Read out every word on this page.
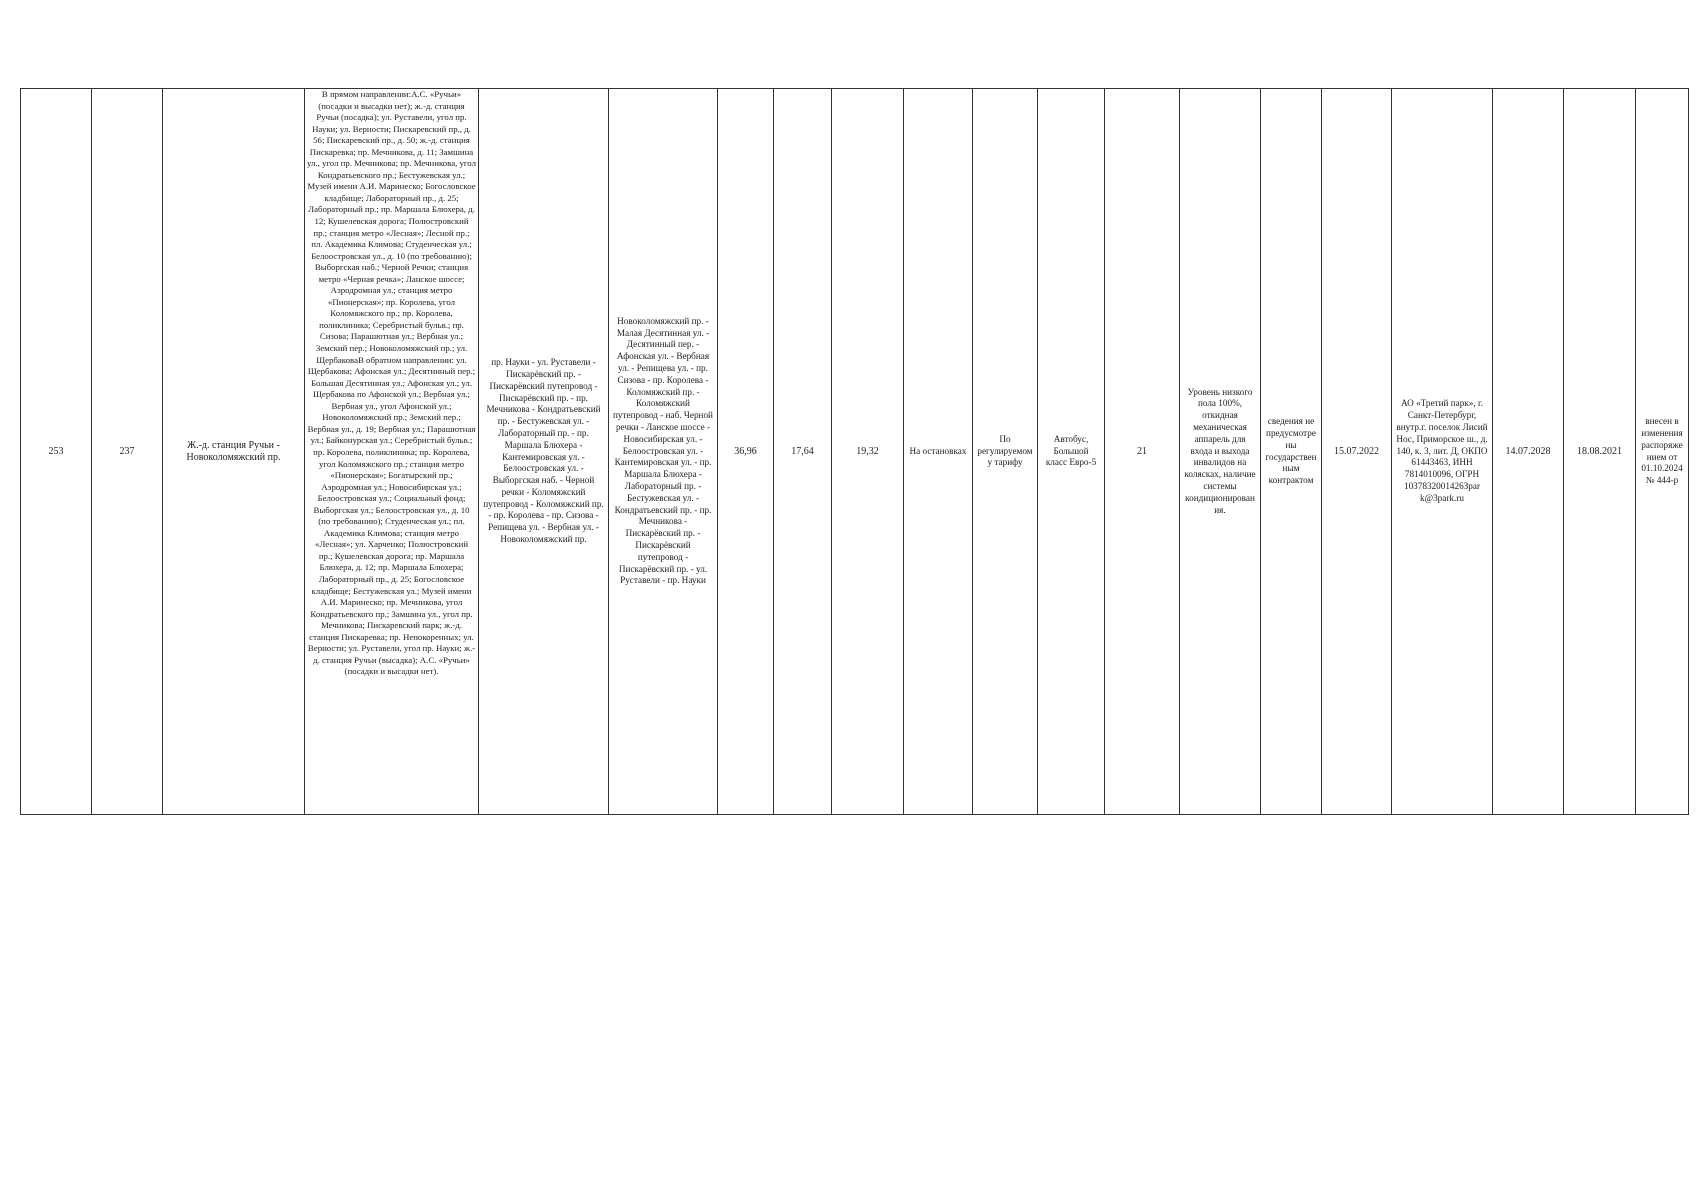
253	237	Ж.-д. станция Ручьи - Новоколомяжский пр.	В прямом направлении:А.С. «Ручьи» (посадки и высадки нет); ж.-д. станция Ручьи (посадка); ул. Руставели, угол пр. Науки; ул. Верности; Пискаревский пр., д. 56; Пискаревский пр., д. 50; ж.-д. станция Пискаревка; пр. Мечникова, д. 11; Замшина ул., угол пр. Мечникова; пр. Мечникова, угол Кондратьевского пр.; Бестужевская ул.; Музей имени А.И. Маринеско; Богословское кладбище; Лабораторный пр., д. 25; Лабораторный пр.; пр. Маршала Блюхера, д. 12; Кушелевская дорога; Полюстровский пр.; станция метро «Лесная»; Лесной пр.; пл. Академика Климова; Студенческая ул.; Белоостровская ул., д. 10 (по требованию); Выборгская наб.; Черной Речки; станция метро «Черная речка»; Ланское шоссе; Аэродромная ул.; станция метро «Пионерская»; пр. Королева, угол Коломяжского пр.; пр. Королева, поликлиника; Серебристый бульв.; пр. Сизова; Парашютная ул.; Вербная ул.; Земский пер.; Новоколомяжский пр.; ул. ЩербаковаВ обратном направлении: ул. Щербакова; Афонская ул.; Десятинный пер.; Большая Десятинная ул.; Афонская ул.; ул. Щербакова по Афонской ул.; Вербная ул.; Вербная ул., угол Афонской ул.; Новоколомяжский пр.; Земский пер.; Вербная ул., д. 19; Вербная ул.; Парашютная ул.; Байконурская ул.; Серебристый бульв.; пр. Королева, поликлиника; пр. Королева, угол Коломяжского пр.; станция метро «Пионерская»; Богатырский пр.; Аэродромная ул.; Новосибирская ул.; Белоостровская ул.; Социальный фонд; Выборгская ул.; Белоостровская ул., д. 10 (по требованию); Студенческая ул.; пл. Академика Климова; станция метро «Лесная»; ул. Харченко; Полюстровский пр.; Кушелевская дорога; пр. Маршала Блюхера, д. 12; пр. Маршала Блюхера; Лабораторный пр., д. 25; Богословское кладбище; Бестужевская ул.; Музей имени А.И. Маринеско; пр. Мечникова, угол Кондратьевского пр.; Замшина ул., угол пр. Мечникова; Пискаревский парк; ж.-д. станция Пискаревка; пр. Непокоренных; ул. Верности; ул. Руставели, угол пр. Науки; ж.-д. станция Ручьи (высадка); А.С. «Ручьи» (посадки и высадки нет).	пр. Науки - ул. Руставели - Пискарёвский пр. - Пискарёвский путепровод - Пискарёвский пр. - пр. Мечникова - Кондратьевский пр. - Бестужевская ул. - Лабораторный пр. - пр. Маршала Блюхера - Кантемировская ул. - Белоостровская ул. - Выборгская наб. - Черной речки - Коломяжский путепровод - Коломяжский пр. - пр. Королева - пр. Сизова - Репищева ул. - Вербная ул. - Новоколомяжский пр.	Новоколомяжский пр. - Малая Десятинная ул. - Десятинный пер. - Афонская ул. - Вербная ул. - Репищева ул. - пр. Сизова - пр. Королева - Коломяжский пр. - Коломяжский путепровод - наб. Черной речки - Ланское шоссе - Новосибирская ул. - Белоостровская ул. - Кантемировская ул. - пр. Маршала Блюхера - Лабораторный пр. - Бестужевская ул. - Кондратьевский пр. - пр. Мечникова - Пискарёвский пр. - Пискарёвский путепровод - Пискарёвский пр. - ул. Руставели - пр. Науки	36,96	17,64	19,32	На остановках	По регулируемому тарифу	Автобус, Большой класс Евро-5	21	Уровень низкого пола 100%, откидная механическая аппарель для входа и выхода инвалидов на колясках, наличие системы кондиционирования.	сведения не предусмотрены государственным контрактом	15.07.2022	АО «Третий парк», г. Санкт-Петербург, внутр.г. поселок Лисий Нос, Приморское ш., д. 140, к. 3, лит. Д, ОКПО 61443463, ИНН 7814010096, ОГРН 1037832001426Зpar k@3park.ru	14.07.2028	18.08.2021	внесен в изменения распоряжением от 01.10.2024 № 444-р
